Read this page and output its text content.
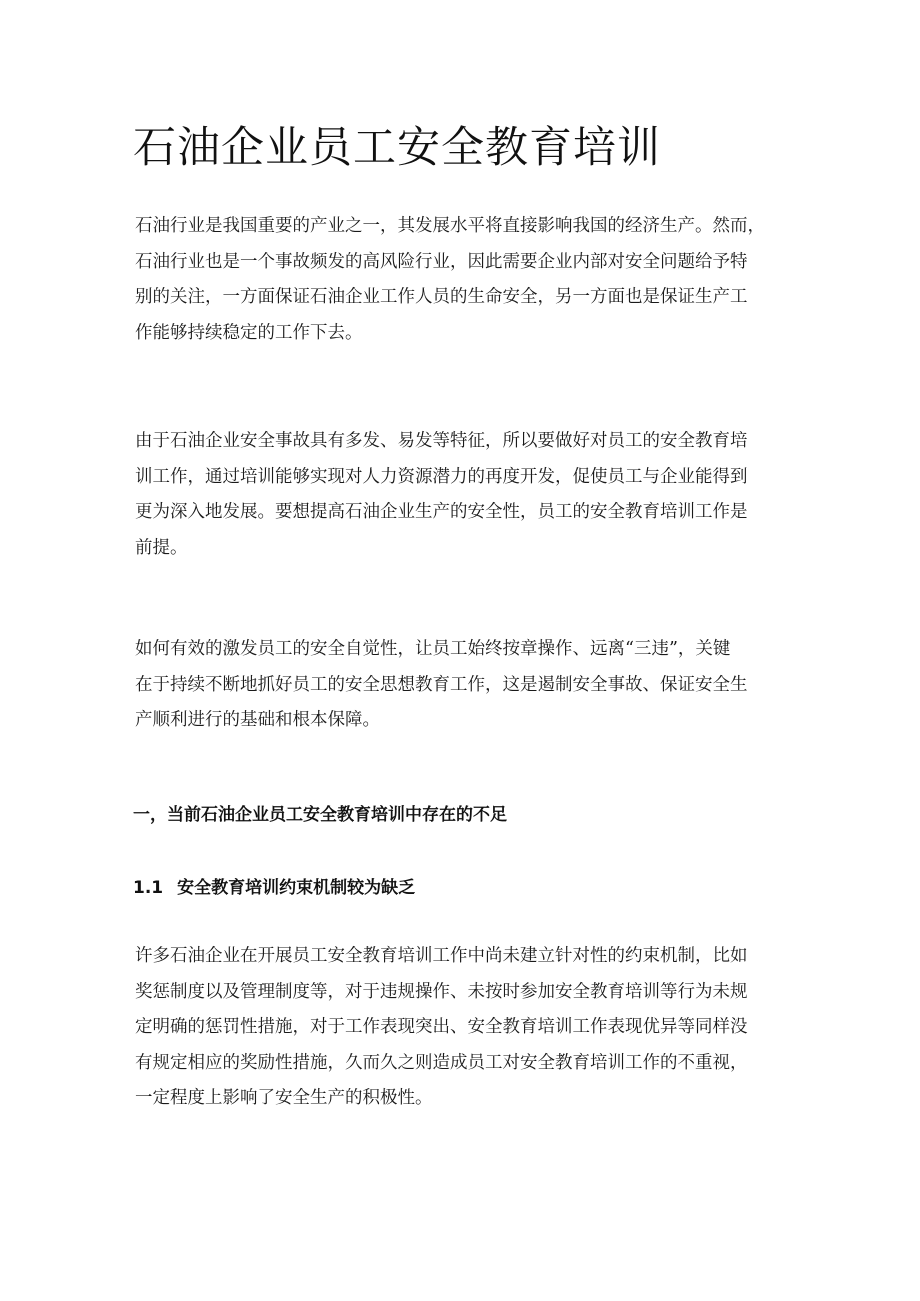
石油企业员工安全教育培训

石油行业是我国重要的产业之一，其发展水平将直接影响我国的经济生产。然而，
石油行业也是一个事故频发的高风险行业，因此需要企业内部对安全问题给予特
别的关注，一方面保证石油企业工作人员的生命安全，另一方面也是保证生产工
作能够持续稳定的工作下去。

由于石油企业安全事故具有多发、易发等特征，所以要做好对员工的安全教育培
训工作，通过培训能够实现对人力资源潜力的再度开发，促使员工与企业能得到
更为深入地发展。要想提高石油企业生产的安全性，员工的安全教育培训工作是
前提。

如何有效的激发员工的安全自觉性，让员工始终按章操作、远离“三违”，关键
在于持续不断地抓好员工的安全思想教育工作，这是遏制安全事故、保证安全生
产顺利进行的基础和根本保障。

一，当前石油企业员工安全教育培训中存在的不足
1.1 安全教育培训约束机制较为缺乏

许多石油企业在开展员工安全教育培训工作中尚未建立针对性的约束机制，比如
奖惩制度以及管理制度等，对于违规操作、未按时参加安全教育培训等行为未规
定明确的惩罚性措施，对于工作表现突出、安全教育培训工作表现优异等同样没
有规定相应的奖励性措施，久而久之则造成员工对安全教育培训工作的不重视，
一定程度上影响了安全生产的积极性。
